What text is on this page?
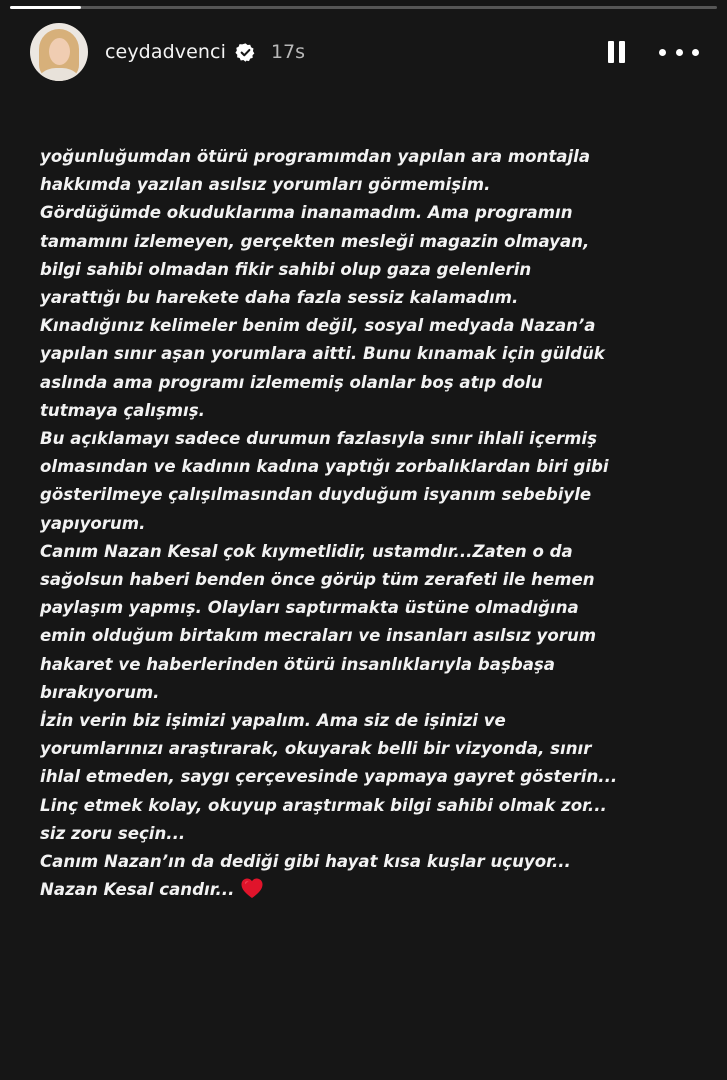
ceydadvenci 17s
yoğunluğumdan ötürü programımdan yapılan ara montajla
hakkımda yazılan asılsız yorumları görmemişim.
Gördüğümde okuduklarıma inanamadım. Ama programın
tamamını izlemeyen, gerçekten mesleği magazin olmayan,
bilgi sahibi olmadan fikir sahibi olup gaza gelenlerin
yarattığı bu harekete daha fazla sessiz kalamadım.
Kınadığınız kelimeler benim değil, sosyal medyada Nazan’a
yapılan sınır aşan yorumlara aitti. Bunu kınamak için güldük
aslında ama programı izlememiş olanlar boş atıp dolu
tutmaya çalışmış.
Bu açıklamayı sadece durumun fazlasıyla sınır ihlali içermiş
olmasından ve kadının kadına yaptığı zorbalıklardan biri gibi
gösterilmeye çalışılmasından duyduğum isyanım sebebiyle
yapıyorum.
Canım Nazan Kesal çok kıymetlidir, ustamdır...Zaten o da
sağolsun haberi benden önce görüp tüm zerafeti ile hemen
paylaşım yapmış. Olayları saptırmakta üstüne olmadığına
emin olduğum birtakım mecraları ve insanları asılsız yorum
hakaret ve haberlerinden ötürü insanlıklarıyla başbaşa
bırakıyorum.
İzin verin biz işimizi yapalım. Ama siz de işinizi ve
yorumlarınızı araştırarak, okuyarak belli bir vizyonda, sınır
ihlal etmeden, saygı çerçevesinde yapmaya gayret gösterin...
Linç etmek kolay, okuyup araştırmak bilgi sahibi olmak zor...
siz zoru seçin...
Canım Nazan’ın da dediği gibi hayat kısa kuşlar uçuyor...
Nazan Kesal candır...
